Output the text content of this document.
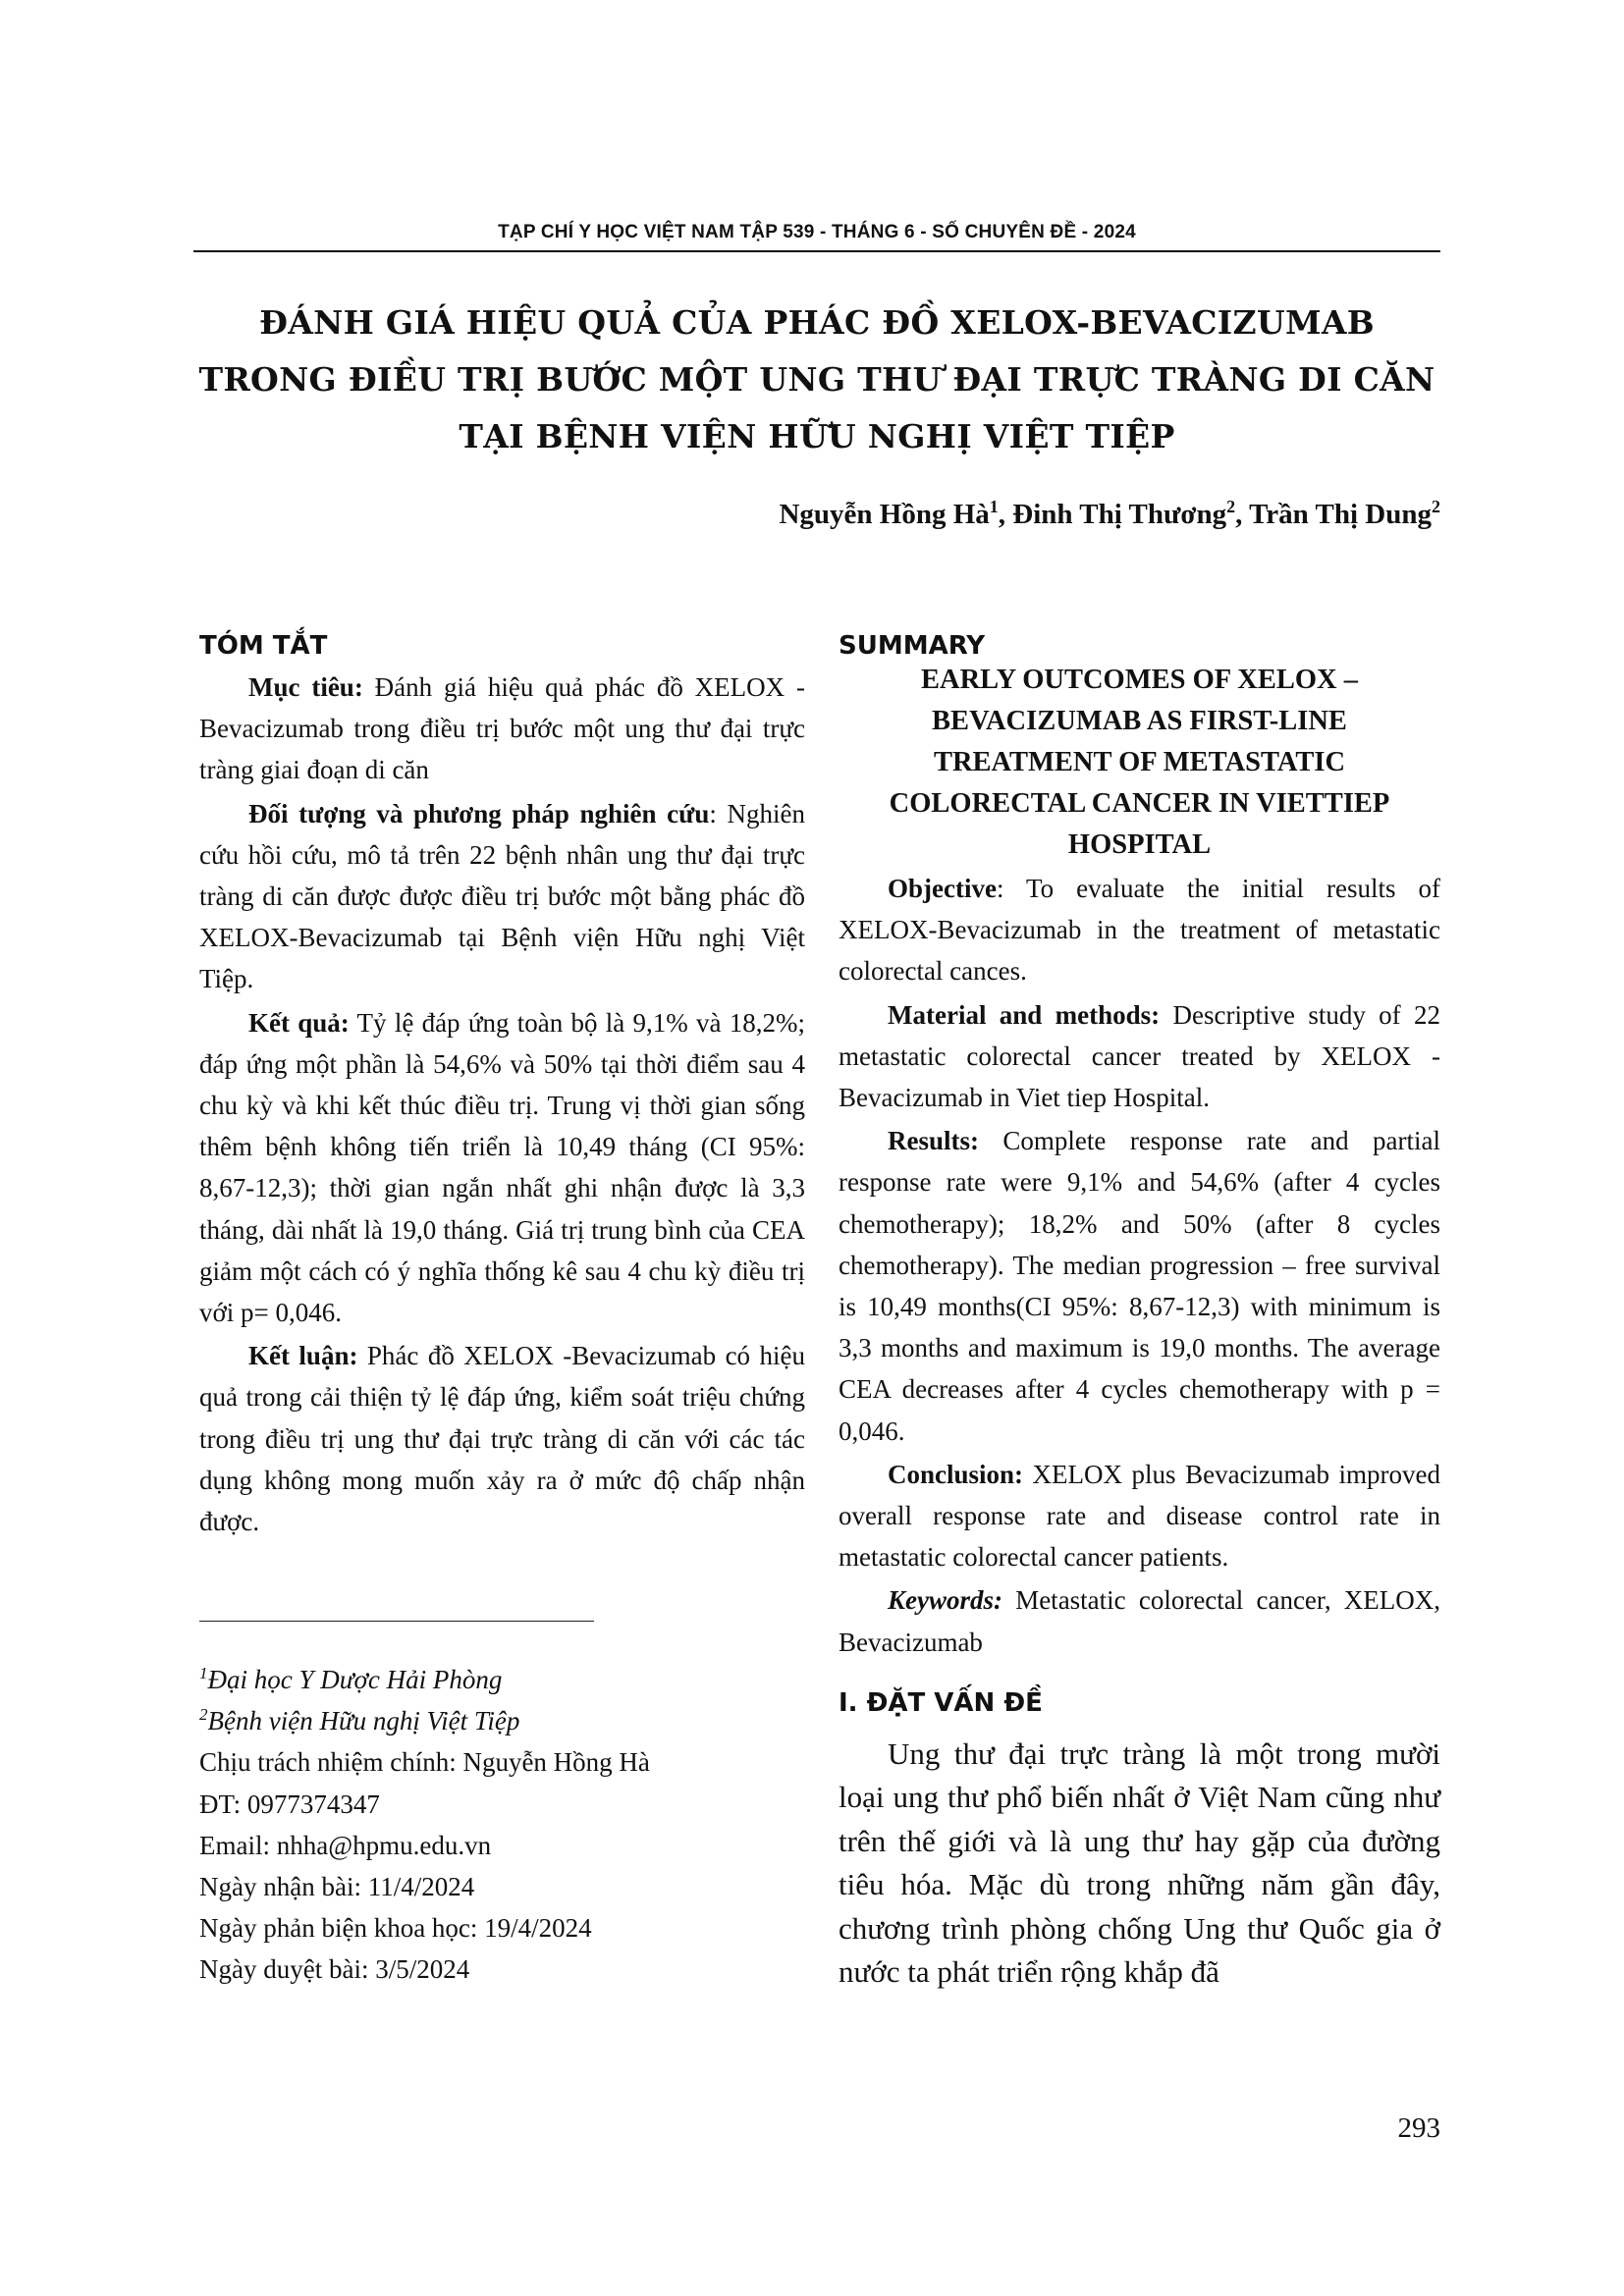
TẠP CHÍ Y HỌC VIỆT NAM TẬP 539 - THÁNG 6 - SỐ CHUYÊN ĐỀ - 2024
ĐÁNH GIÁ HIỆU QUẢ CỦA PHÁC ĐỒ XELOX-BEVACIZUMAB
TRONG ĐIỀU TRỊ BƯỚC MỘT UNG THƯ ĐẠI TRỰC TRÀNG DI CĂN
TẠI BỆNH VIỆN HỮU NGHỊ VIỆT TIỆP
Nguyễn Hồng $Hà^1$, Đinh Thị Thương$^2$, Trần Thị Dung$^2$
TÓM TẮT

Mục tiêu: Đánh giá hiệu quả phác đồ XELOX - Bevacizumab trong điều trị bước một ung thư đại trực tràng giai đoạn di căn

Đối tượng và phương pháp nghiên cứu: Nghiên cứu hồi cứu, mô tả trên 22 bệnh nhân ung thư đại trực tràng di căn được được điều trị bước một bằng phác đồ XELOX-Bevacizumab tại Bệnh viện Hữu nghị Việt Tiệp.

Kết quả: Tỷ lệ đáp ứng toàn bộ là 9,1% và 18,2%; đáp ứng một phần là 54,6% và 50% tại thời điểm sau 4 chu kỳ và khi kết thúc điều trị. Trung vị thời gian sống thêm bệnh không tiến triển là 10,49 tháng (CI 95%: 8,67-12,3); thời gian ngắn nhất ghi nhận được là 3,3 tháng, dài nhất là 19,0 tháng. Giá trị trung bình của CEA giảm một cách có ý nghĩa thống kê sau 4 chu kỳ điều trị với p= 0,046.

Kết luận: Phác đồ XELOX -Bevacizumab có hiệu quả trong cải thiện tỷ lệ đáp ứng, kiểm soát triệu chứng trong điều trị ung thư đại trực tràng di căn với các tác dụng không mong muốn xảy ra ở mức độ chấp nhận được.

SUMMARY
EARLY OUTCOMES OF XELOX –
BEVACIZUMAB AS FIRST-LINE
TREATMENT OF METASTATIC
COLORECTAL CANCER IN VIETTIEP
HOSPITAL

Objective: To evaluate the initial results of XELOX-Bevacizumab in the treatment of metastatic colorectal cances.

Material and methods: Descriptive study of 22 metastatic colorectal cancer treated by XELOX - Bevacizumab in Viet tiep Hospital.

Results: Complete response rate and partial response rate were 9,1% and 54,6% (after 4 cycles chemotherapy); 18,2% and 50% (after 8 cycles chemotherapy). The median progression – free survival is 10,49 months(CI 95%: 8,67-12,3) with minimum is 3,3 months and maximum is 19,0 months. The average CEA decreases after 4 cycles chemotherapy with p = 0,046.

Conclusion: XELOX plus Bevacizumab improved overall response rate and disease control rate in metastatic colorectal cancer patients.

Keywords: Metastatic colorectal cancer, XELOX, Bevacizumab

$^1$Đại học Y Dược Hải Phòng
$^2$Bệnh viện Hữu nghị Việt Tiệp
Chịu trách nhiệm chính: Nguyễn Hồng Hà
ĐT: 0977374347
Email: nhha@hpmu.edu.vn
Ngày nhận bài: 11/4/2024
Ngày phản biện khoa học: 19/4/2024
Ngày duyệt bài: 3/5/2024
I. ĐẶT VẤN ĐỀ

Ung thư đại trực tràng là một trong mười loại ung thư phổ biến nhất ở Việt Nam cũng như trên thế giới và là ung thư hay gặp của đường tiêu hóa. Mặc dù trong những năm gần đây, chương trình phòng chống Ung thư Quốc gia ở nước ta phát triển rộng khắp đã

293
